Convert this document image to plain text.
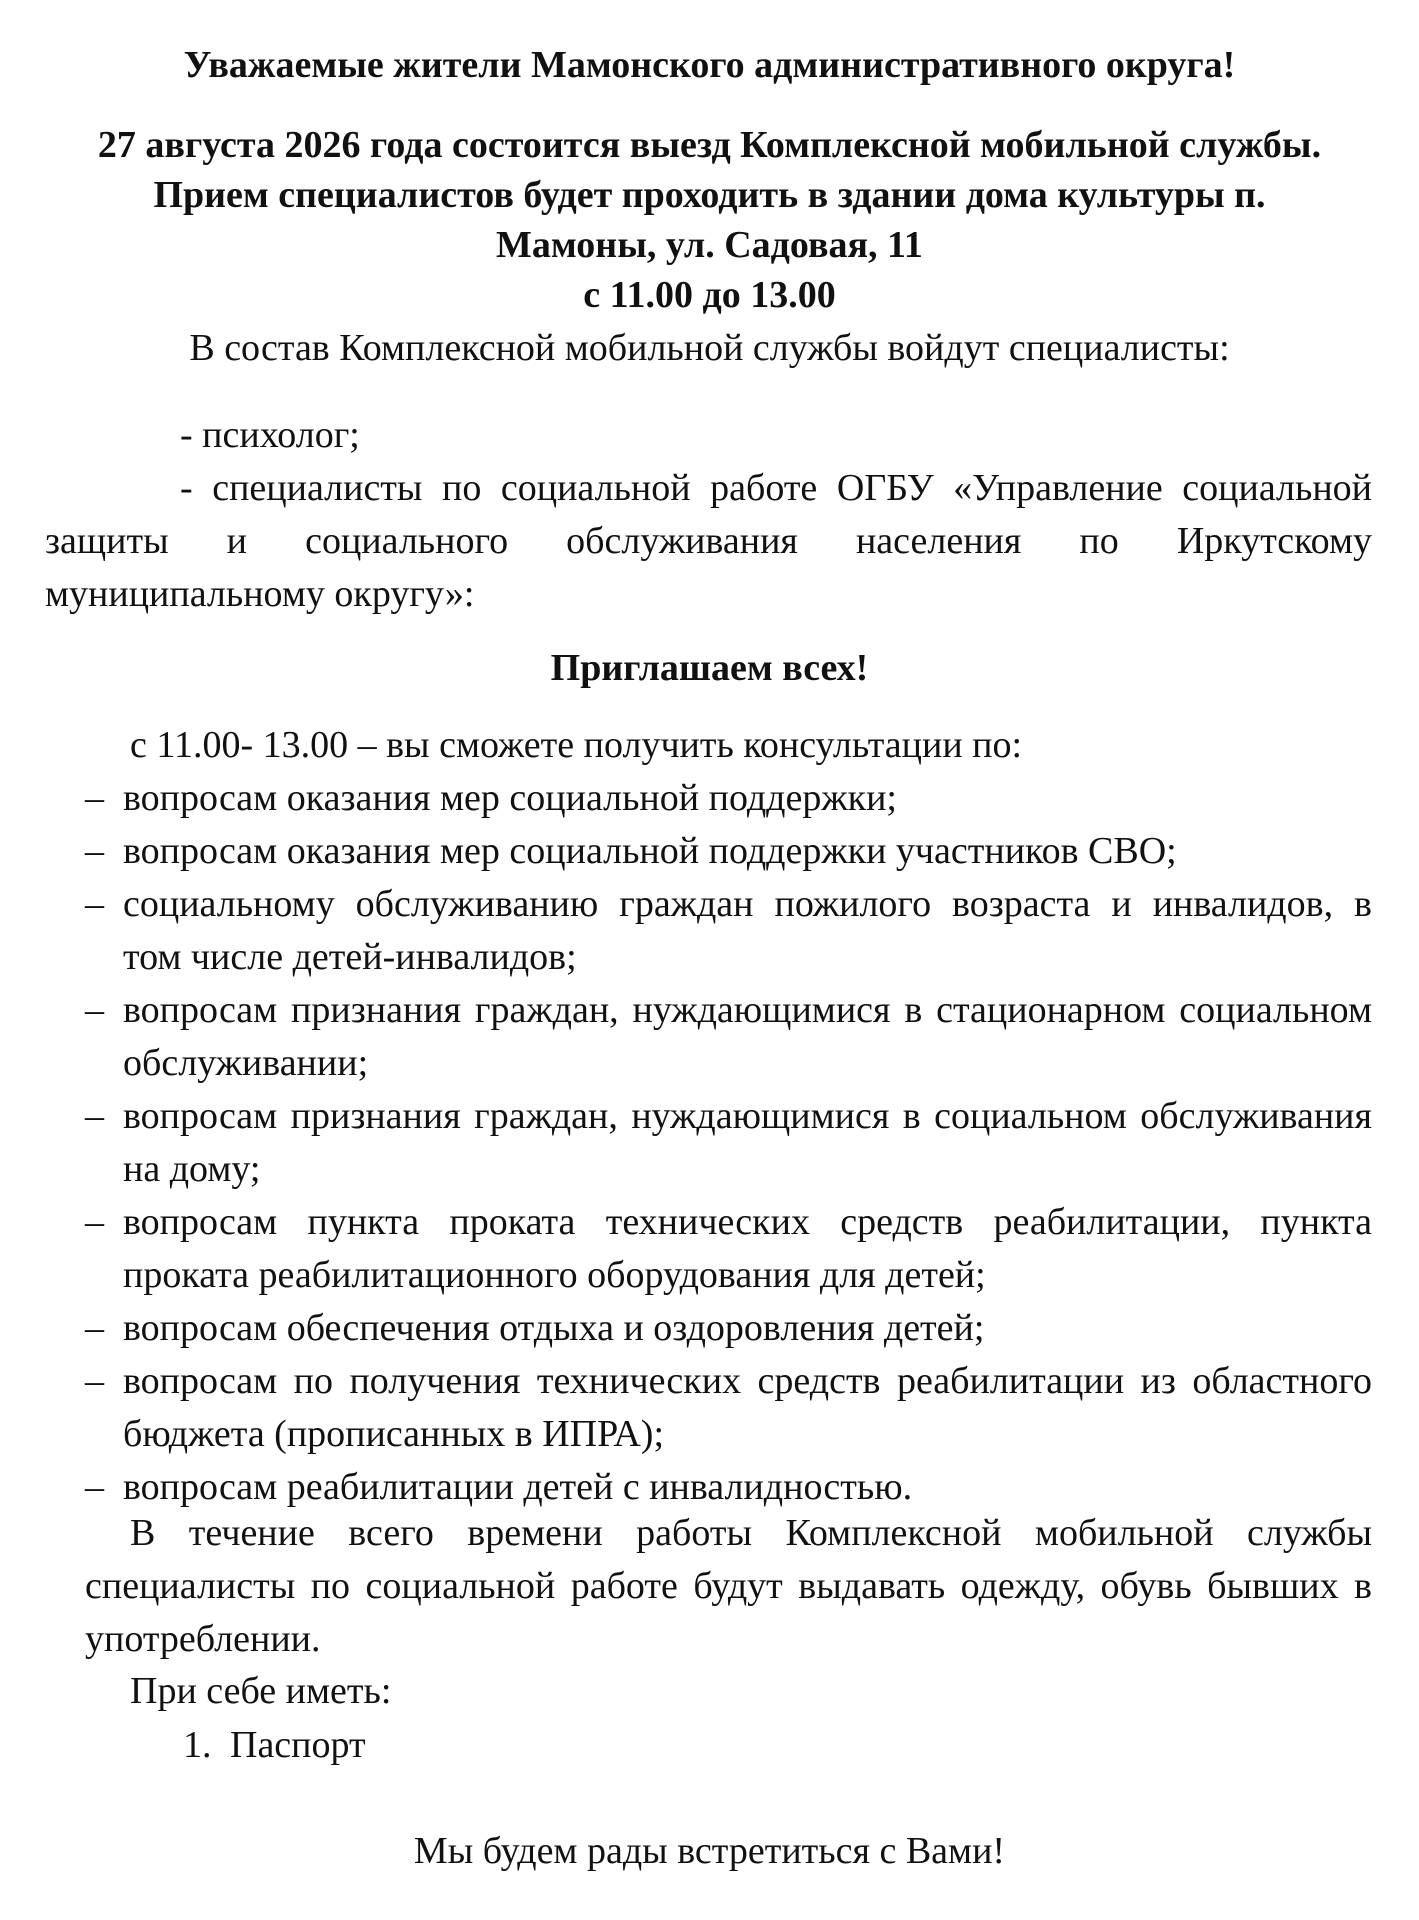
Уважаемые жители Мамонского административного округа!
27 августа 2026 года состоится выезд Комплексной мобильной службы.
Прием специалистов будет проходить в здании дома культуры п.
Мамоны, ул. Садовая, 11
с 11.00 до 13.00
В состав Комплексной мобильной службы войдут специалисты:
- психолог;
- специалисты по социальной работе ОГБУ «Управление социальной
защиты и социального обслуживания населения по Иркутскому
муниципальному округу»:
Приглашаем всех!
с 11.00- 13.00 – вы сможете получить консультации по:
– вопросам оказания мер социальной поддержки;
– вопросам оказания мер социальной поддержки участников СВО;
– социальному обслуживанию граждан пожилого возраста и инвалидов, в
том числе детей-инвалидов;
– вопросам признания граждан, нуждающимися в стационарном социальном
обслуживании;
– вопросам признания граждан, нуждающимися в социальном обслуживания
на дому;
– вопросам пункта проката технических средств реабилитации, пункта
проката реабилитационного оборудования для детей;
– вопросам обеспечения отдыха и оздоровления детей;
– вопросам по получения технических средств реабилитации из областного
бюджета (прописанных в ИПРА);
– вопросам реабилитации детей с инвалидностью.
В течение всего времени работы Комплексной мобильной службы
специалисты по социальной работе будут выдавать одежду, обувь бывших в
употреблении.
При себе иметь:
1. Паспорт
Мы будем рады встретиться с Вами!
